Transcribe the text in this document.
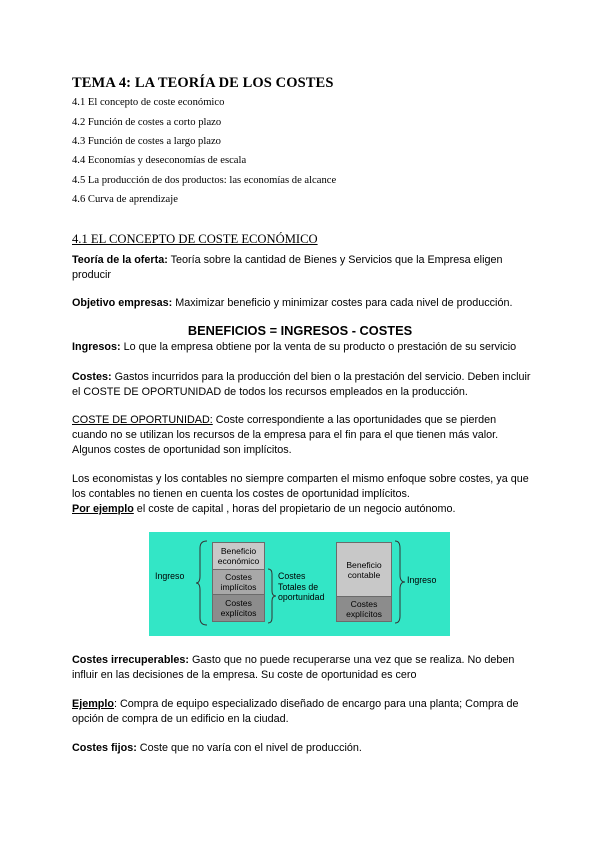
TEMA 4: LA TEORÍA DE LOS COSTES
4.1 El concepto de coste económico
4.2 Función de costes a corto plazo
4.3 Función de costes a largo plazo
4.4 Economías y deseconomías de escala
4.5 La producción de dos productos: las economías de alcance
4.6 Curva de aprendizaje
4.1 EL CONCEPTO DE COSTE ECONÓMICO
Teoría de la oferta: Teoría sobre la cantidad de Bienes y Servicios que la Empresa eligen producir
Objetivo empresas: Maximizar beneficio y minimizar costes para cada nivel de producción.
BENEFICIOS = INGRESOS - COSTES
Ingresos: Lo que la empresa obtiene por la venta de su producto o prestación de su servicio
Costes: Gastos incurridos para la producción del bien o la prestación del servicio. Deben incluir el COSTE DE OPORTUNIDAD de todos los recursos empleados en la producción.
COSTE DE OPORTUNIDAD: Coste correspondiente a las oportunidades que se pierden cuando no se utilizan los recursos de la empresa para el fin para el que tienen más valor. Algunos costes de oportunidad son implícitos.
Los economistas y los contables no siempre comparten el mismo enfoque sobre costes, ya que los contables no tienen en cuenta los costes de oportunidad implícitos.
Por ejemplo el coste de capital , horas del propietario de un negocio autónomo.
Ingreso
Beneficio económico
Costes implícitos
Costes explícitos
Costes Totales de oportunidad
Beneficio contable
Costes explícitos
Ingreso
Costes irrecuperables: Gasto que no puede recuperarse una vez que se realiza. No deben influir en las decisiones de la empresa. Su coste de oportunidad es cero
Ejemplo: Compra de equipo especializado diseñado de encargo para una planta; Compra de opción de compra de un edificio en la ciudad.
Costes fijos: Coste que no varía con el nivel de producción.
